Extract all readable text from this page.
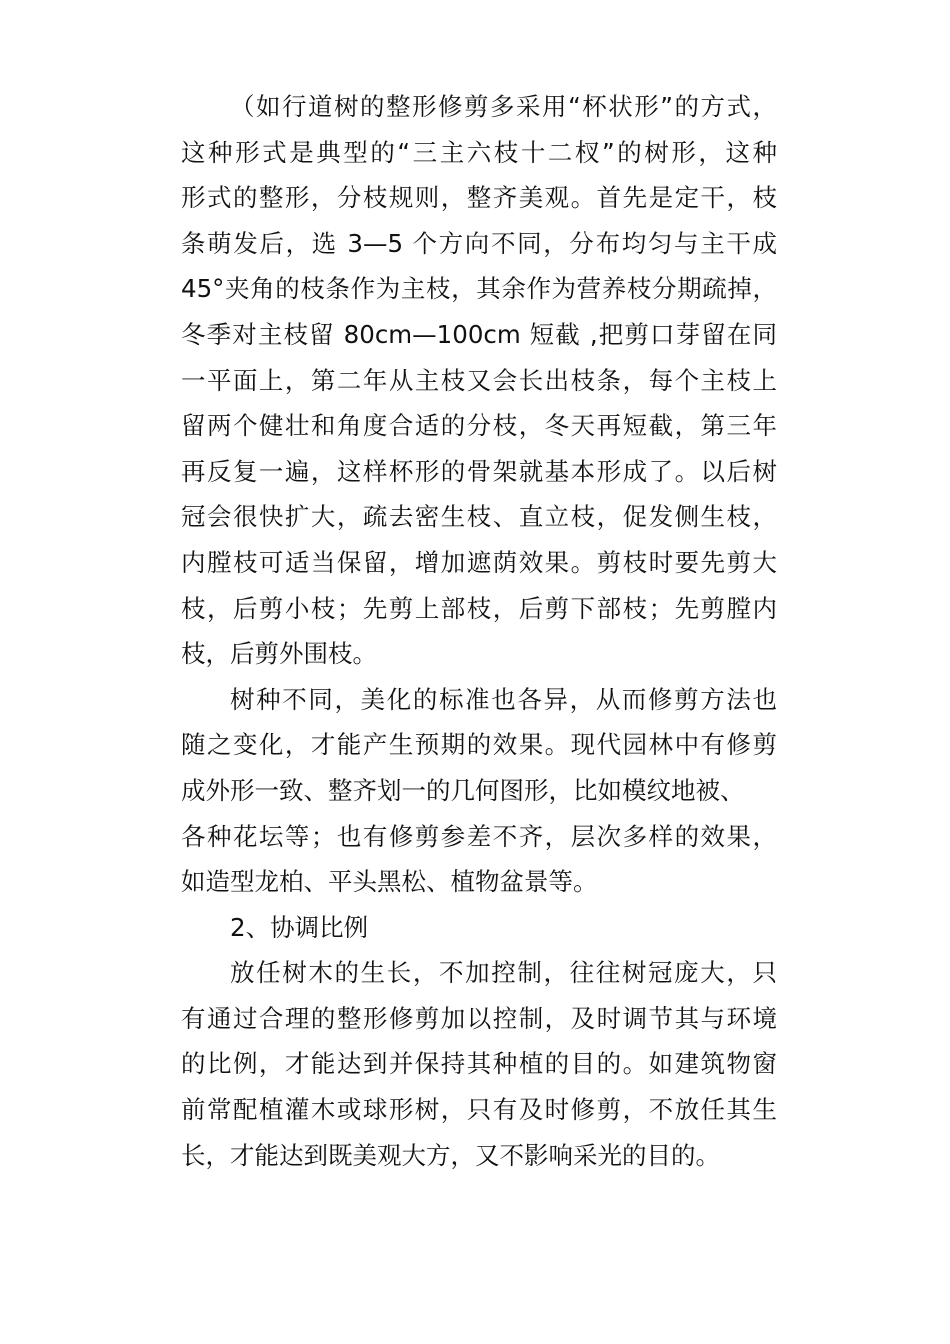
（如行道树的整形修剪多采用“杯状形”的方式，
这种形式是典型的“三主六枝十二杈”的树形，这种
形式的整形，分枝规则，整齐美观。首先是定干，枝
条萌发后，选 3—5 个方向不同，分布均匀与主干成
45°夹角的枝条作为主枝，其余作为营养枝分期疏掉，
冬季对主枝留 80cm—100cm 短截 ,把剪口芽留在同
一平面上，第二年从主枝又会长出枝条，每个主枝上
留两个健壮和角度合适的分枝，冬天再短截，第三年
再反复一遍，这样杯形的骨架就基本形成了。以后树
冠会很快扩大，疏去密生枝、直立枝，促发侧生枝，
内膛枝可适当保留，增加遮荫效果。剪枝时要先剪大
枝，后剪小枝；先剪上部枝，后剪下部枝；先剪膛内
枝，后剪外围枝。
树种不同，美化的标准也各异，从而修剪方法也
随之变化，才能产生预期的效果。现代园林中有修剪
成外形一致、整齐划一的几何图形，比如模纹地被、
各种花坛等；也有修剪参差不齐，层次多样的效果，
如造型龙柏、平头黑松、植物盆景等。
2、协调比例
放任树木的生长，不加控制，往往树冠庞大，只
有通过合理的整形修剪加以控制，及时调节其与环境
的比例，才能达到并保持其种植的目的。如建筑物窗
前常配植灌木或球形树，只有及时修剪，不放任其生
长，才能达到既美观大方，又不影响采光的目的。
